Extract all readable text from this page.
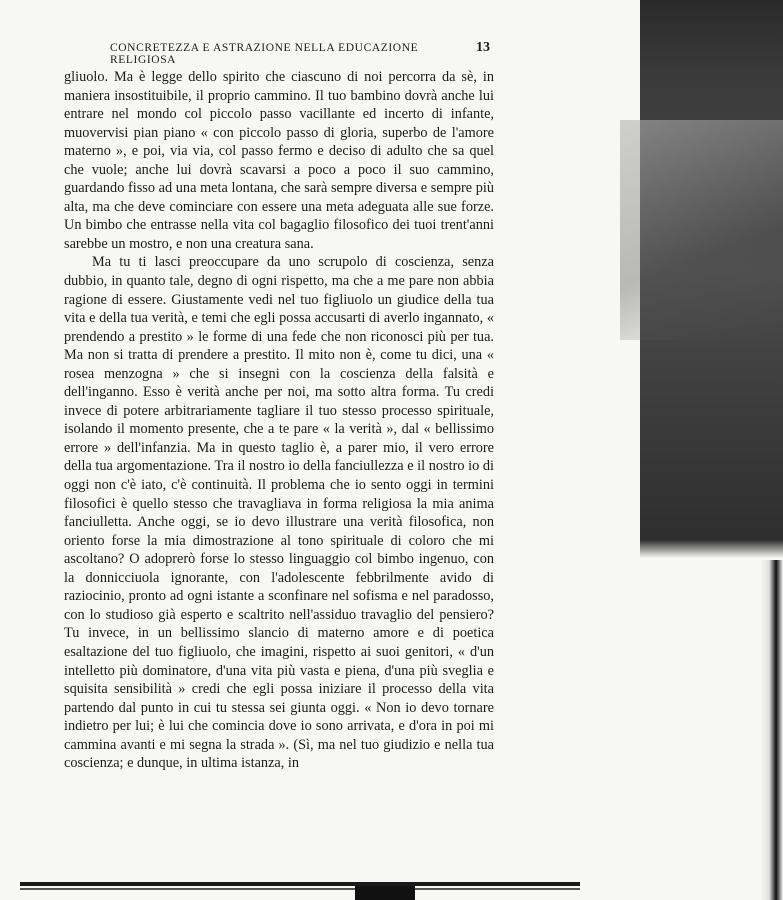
CONCRETEZZA E ASTRAZIONE NELLA EDUCAZIONE RELIGIOSA
13

gliuolo. Ma è legge dello spirito che ciascuno di noi percorra da sè, in maniera insostituibile, il proprio cammino. Il tuo bambino dovrà anche lui entrare nel mondo col piccolo passo vacillante ed incerto di infante, muovervisi pian piano « con piccolo passo di gloria, superbo de l'amore materno », e poi, via via, col passo fermo e deciso di adulto che sa quel che vuole; anche lui dovrà scavarsi a poco a poco il suo cammino, guardando fisso ad una meta lontana, che sarà sempre diversa e sempre più alta, ma che deve cominciare con essere una meta adeguata alle sue forze. Un bimbo che entrasse nella vita col bagaglio filosofico dei tuoi trent'anni sarebbe un mostro, e non una creatura sana.

Ma tu ti lasci preoccupare da uno scrupolo di coscienza, senza dubbio, in quanto tale, degno di ogni rispetto, ma che a me pare non abbia ragione di essere. Giustamente vedi nel tuo figliuolo un giudice della tua vita e della tua verità, e temi che egli possa accusarti di averlo ingannato, « prendendo a prestito » le forme di una fede che non riconosci più per tua. Ma non si tratta di prendere a prestito. Il mito non è, come tu dici, una « rosea menzogna » che si insegni con la coscienza della falsità e dell'inganno. Esso è verità anche per noi, ma sotto altra forma. Tu credi invece di potere arbitrariamente tagliare il tuo stesso processo spirituale, isolando il momento presente, che a te pare « la verità », dal « bellissimo errore » dell'infanzia. Ma in questo taglio è, a parer mio, il vero errore della tua argomentazione. Tra il nostro io della fanciullezza e il nostro io di oggi non c'è iato, c'è continuità. Il problema che io sento oggi in termini filosofici è quello stesso che travagliava in forma religiosa la mia anima fanciulletta. Anche oggi, se io devo illustrare una verità filosofica, non oriento forse la mia dimostrazione al tono spirituale di coloro che mi ascoltano? O adoprerò forse lo stesso linguaggio col bimbo ingenuo, con la donnicciuola ignorante, con l'adolescente febbrilmente avido di raziocinio, pronto ad ogni istante a sconfinare nel sofisma e nel paradosso, con lo studioso già esperto e scaltrito nell'assiduo travaglio del pensiero? Tu invece, in un bellissimo slancio di materno amore e di poetica esaltazione del tuo figliuolo, che imagini, rispetto ai suoi genitori, « d'un intelletto più dominatore, d'una vita più vasta e piena, d'una più sveglia e squisita sensibilità » credi che egli possa iniziare il processo della vita partendo dal punto in cui tu stessa sei giunta oggi. « Non io devo tornare indietro per lui; è lui che comincia dove io sono arrivata, e d'ora in poi mi cammina avanti e mi segna la strada ». (Sì, ma nel tuo giudizio e nella tua coscienza; e dunque, in ultima istanza, in
